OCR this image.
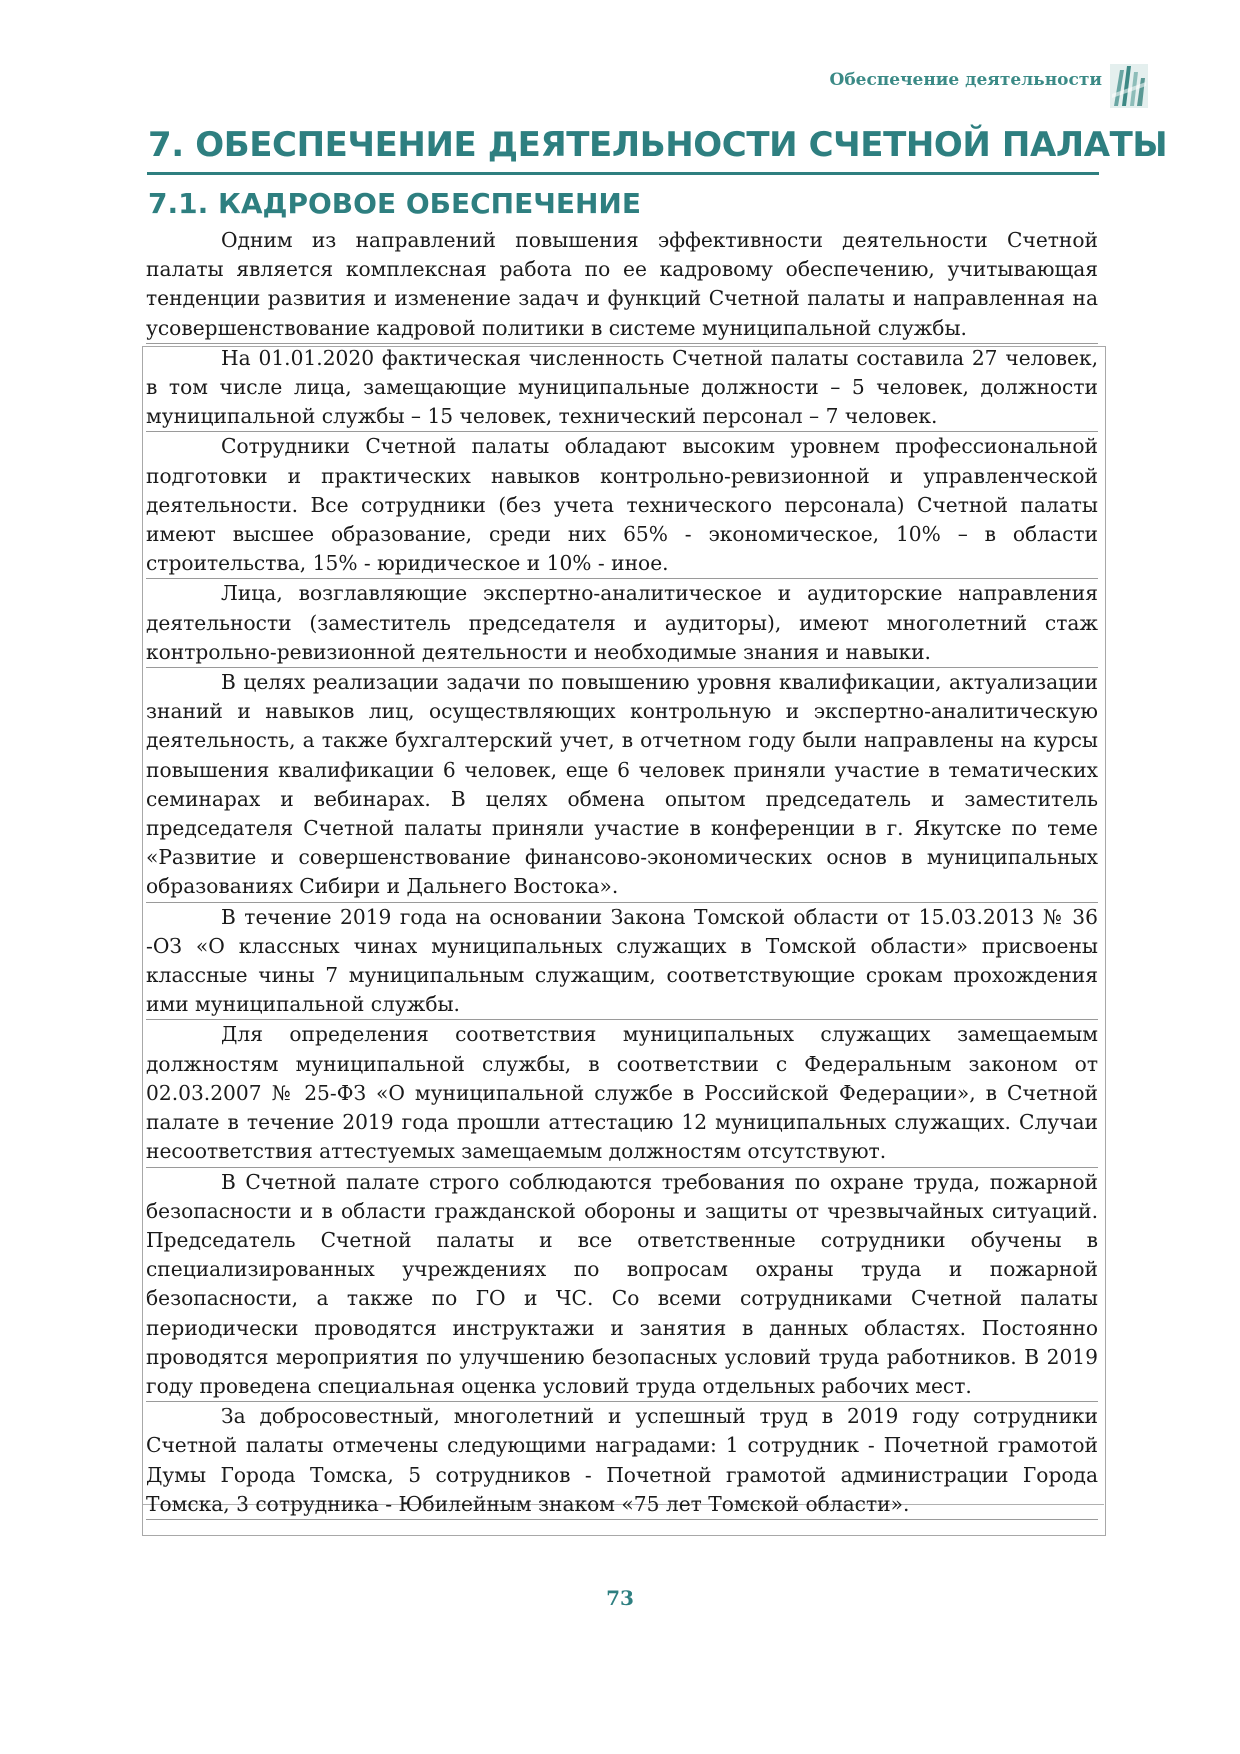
Обеспечение деятельности
7. ОБЕСПЕЧЕНИЕ ДЕЯТЕЛЬНОСТИ СЧЕТНОЙ ПАЛАТЫ
7.1. КАДРОВОЕ ОБЕСПЕЧЕНИЕ

Одним из направлений повышения эффективности деятельности Счетной палаты является комплексная работа по ее кадровому обеспечению, учитывающая тенденции развития и изменение задач и функций Счетной палаты и направленная на усовершенствование кадровой политики в системе муниципальной службы.

На 01.01.2020 фактическая численность Счетной палаты составила 27 человек, в том числе лица, замещающие муниципальные должности – 5 человек, должности муниципальной службы – 15 человек, технический персонал – 7 человек.

Сотрудники Счетной палаты обладают высоким уровнем профессиональной подготовки и практических навыков контрольно-ревизионной и управленческой деятельности. Все сотрудники (без учета технического персонала) Счетной палаты имеют высшее образование, среди них 65% - экономическое, 10% – в области строительства, 15% - юридическое и 10% - иное.

Лица, возглавляющие экспертно-аналитическое и аудиторские направления деятельности (заместитель председателя и аудиторы), имеют многолетний стаж контрольно-ревизионной деятельности и необходимые знания и навыки.

В целях реализации задачи по повышению уровня квалификации, актуализации знаний и навыков лиц, осуществляющих контрольную и экспертно-аналитическую деятельность, а также бухгалтерский учет, в отчетном году были направлены на курсы повышения квалификации 6 человек, еще 6 человек приняли участие в тематических семинарах и вебинарах. В целях обмена опытом председатель и заместитель председателя Счетной палаты приняли участие в конференции в г. Якутске по теме «Развитие и совершенствование финансово-экономических основ в муниципальных образованиях Сибири и Дальнего Востока».

В течение 2019 года на основании Закона Томской области от 15.03.2013 № 36 -ОЗ «О классных чинах муниципальных служащих в Томской области» присвоены классные чины 7 муниципальным служащим, соответствующие срокам прохождения ими муниципальной службы.

Для определения соответствия муниципальных служащих замещаемым должностям муниципальной службы, в соответствии с Федеральным законом от 02.03.2007 № 25-ФЗ «О муниципальной службе в Российской Федерации», в Счетной палате в течение 2019 года прошли аттестацию 12 муниципальных служащих. Случаи несоответствия аттестуемых замещаемым должностям отсутствуют.

В Счетной палате строго соблюдаются требования по охране труда, пожарной безопасности и в области гражданской обороны и защиты от чрезвычайных ситуаций. Председатель Счетной палаты и все ответственные сотрудники обучены в специализированных учреждениях по вопросам охраны труда и пожарной безопасности, а также по ГО и ЧС. Со всеми сотрудниками Счетной палаты периодически проводятся инструктажи и занятия в данных областях. Постоянно проводятся мероприятия по улучшению безопасных условий труда работников. В 2019 году проведена специальная оценка условий труда отдельных рабочих мест.

За добросовестный, многолетний и успешный труд в 2019 году сотрудники Счетной палаты отмечены следующими наградами: 1 сотрудник - Почетной грамотой Думы Города Томска, 5 сотрудников - Почетной грамотой администрации Города Томска, 3 сотрудника - Юбилейным знаком «75 лет Томской области».

73
